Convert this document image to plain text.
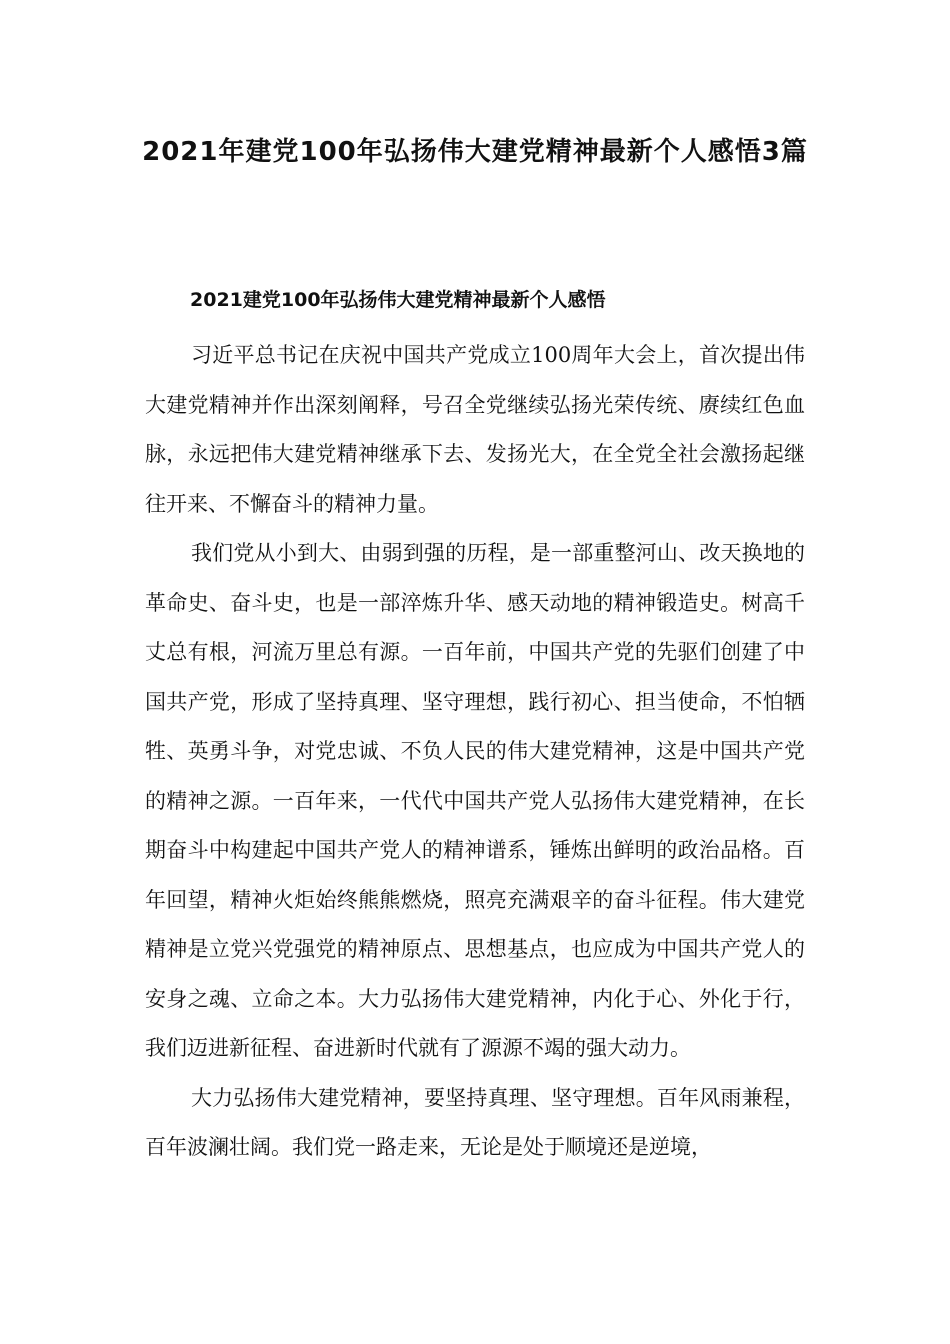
2021年建党100年弘扬伟大建党精神最新个人感悟3篇
2021建党100年弘扬伟大建党精神最新个人感悟

习近平总书记在庆祝中国共产党成立100周年大会上，首次提出伟大建党精神并作出深刻阐释，号召全党继续弘扬光荣传统、赓续红色血脉，永远把伟大建党精神继承下去、发扬光大，在全党全社会激扬起继往开来、不懈奋斗的精神力量。

我们党从小到大、由弱到强的历程，是一部重整河山、改天换地的革命史、奋斗史，也是一部淬炼升华、感天动地的精神锻造史。树高千丈总有根，河流万里总有源。一百年前，中国共产党的先驱们创建了中国共产党，形成了坚持真理、坚守理想，践行初心、担当使命，不怕牺牲、英勇斗争，对党忠诚、不负人民的伟大建党精神，这是中国共产党的精神之源。一百年来，一代代中国共产党人弘扬伟大建党精神，在长期奋斗中构建起中国共产党人的精神谱系，锤炼出鲜明的政治品格。百年回望，精神火炬始终熊熊燃烧，照亮充满艰辛的奋斗征程。伟大建党精神是立党兴党强党的精神原点、思想基点，也应成为中国共产党人的安身之魂、立命之本。大力弘扬伟大建党精神，内化于心、外化于行，我们迈进新征程、奋进新时代就有了源源不竭的强大动力。

大力弘扬伟大建党精神，要坚持真理、坚守理想。百年风雨兼程，百年波澜壮阔。我们党一路走来，无论是处于顺境还是逆境，
